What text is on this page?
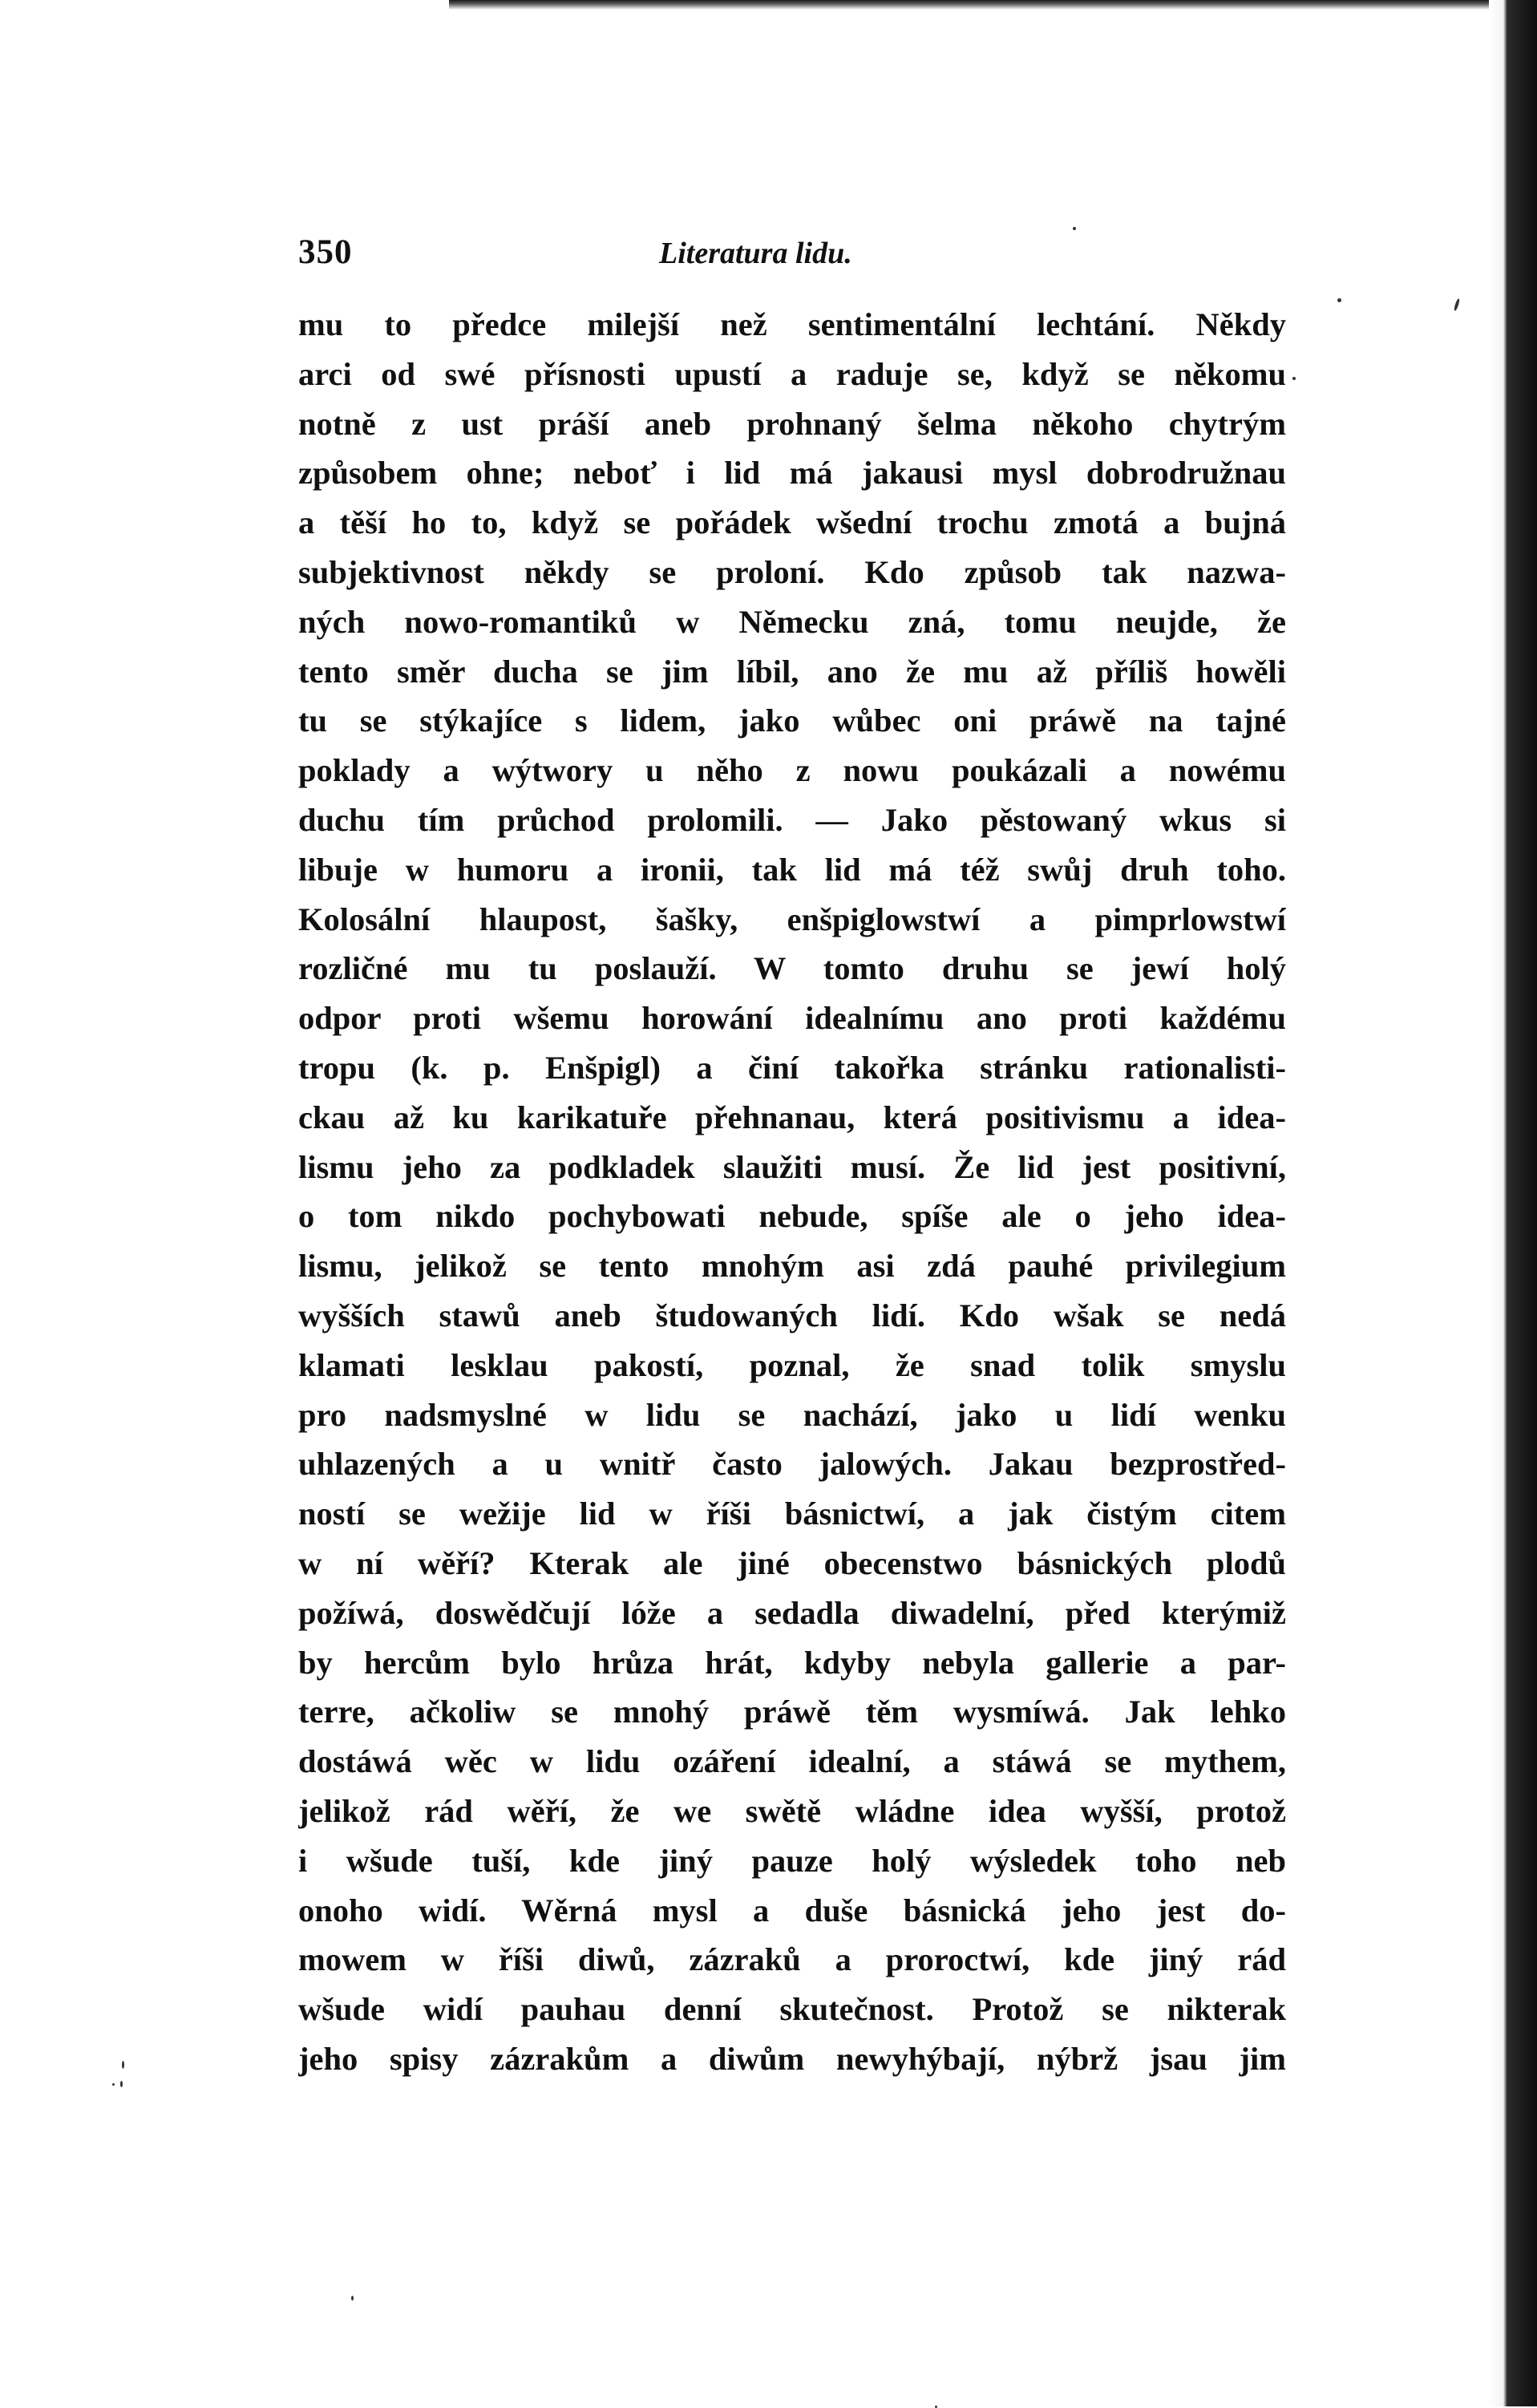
350	Literatura lidu.
mu to předce milejší než sentimentální lechtání. Někdy
arci od swé přísnosti upustí a raduje se, když se někomu
notně z ust práší aneb prohnaný šelma někoho chytrým
způsobem ohne; neboť i lid má jakausi mysl dobrodružnau
a těší ho to, když se pořádek wšední trochu zmotá a bujná
subjektivnost někdy se proloní. Kdo způsob tak nazwa-
ných nowo-romantiků w Německu zná, tomu neujde, že
tento směr ducha se jim líbil, ano že mu až příliš howěli
tu se stýkajíce s lidem, jako wůbec oni práwě na tajné
poklady a wýtwory u něho z nowu poukázali a nowému
duchu tím průchod prolomili. — Jako pěstowaný wkus si
libuje w humoru a ironii, tak lid má též swůj druh toho.
Kolosální hlaupost, šašky, enšpiglowstwí a pimprlowstwí
rozličné mu tu poslauží. W tomto druhu se jewí holý
odpor proti wšemu horowání idealnímu ano proti každému
tropu (k. p. Enšpigl) a činí takořka stránku rationalisti-
ckau až ku karikatuře přehnanau, která positivismu a idea-
lismu jeho za podkladek slaužiti musí. Že lid jest positivní,
o tom nikdo pochybowati nebude, spíše ale o jeho idea-
lismu, jelikož se tento mnohým asi zdá pauhé privilegium
wyšších stawů aneb študowaných lidí. Kdo wšak se nedá
klamati lesklau pakostí, poznal, že snad tolik smyslu
pro nadsmyslné w lidu se nachází, jako u lidí wenku
uhlazených a u wnitř často jalowých. Jakau bezprostřed-
ností se wežije lid w říši básnictwí, a jak čistým citem
w ní wěří? Kterak ale jiné obecenstwo básnických plodů
požíwá, doswědčují lóže a sedadla diwadelní, před kterýmiž
by hercům bylo hrůza hrát, kdyby nebyla gallerie a par-
terre, ačkoliw se mnohý práwě těm wysmíwá. Jak lehko
dostáwá wěc w lidu ozáření idealní, a stáwá se mythem,
jelikož rád wěří, že we swětě wládne idea wyšší, protož
i wšude tuší, kde jiný pauze holý wýsledek toho neb
onoho widí. Wěrná mysl a duše básnická jeho jest do-
mowem w říši diwů, zázraků a proroctwí, kde jiný rád
wšude widí pauhau denní skutečnost. Protož se nikterak
jeho spisy zázrakům a diwům newyhýbají, nýbrž jsau jim
